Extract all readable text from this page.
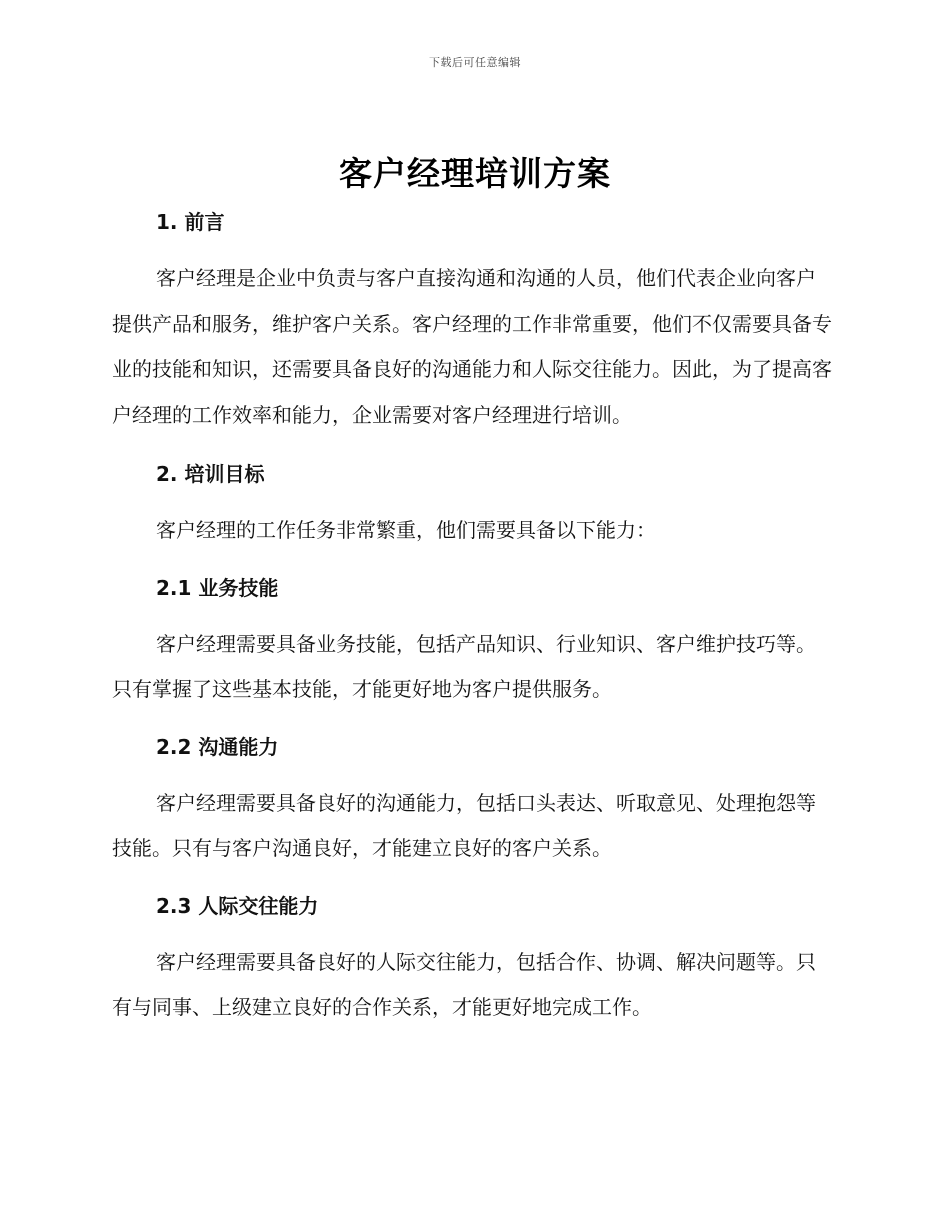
下载后可任意编辑
客户经理培训方案
1. 前言

客户经理是企业中负责与客户直接沟通和沟通的人员，他们代表企业向客户提供产品和服务，维护客户关系。客户经理的工作非常重要，他们不仅需要具备专业的技能和知识，还需要具备良好的沟通能力和人际交往能力。因此，为了提高客户经理的工作效率和能力，企业需要对客户经理进行培训。

2. 培训目标

客户经理的工作任务非常繁重，他们需要具备以下能力：

2.1 业务技能

客户经理需要具备业务技能，包括产品知识、行业知识、客户维护技巧等。只有掌握了这些基本技能，才能更好地为客户提供服务。

2.2 沟通能力

客户经理需要具备良好的沟通能力，包括口头表达、听取意见、处理抱怨等技能。只有与客户沟通良好，才能建立良好的客户关系。

2.3 人际交往能力

客户经理需要具备良好的人际交往能力，包括合作、协调、解决问题等。只有与同事、上级建立良好的合作关系，才能更好地完成工作。
